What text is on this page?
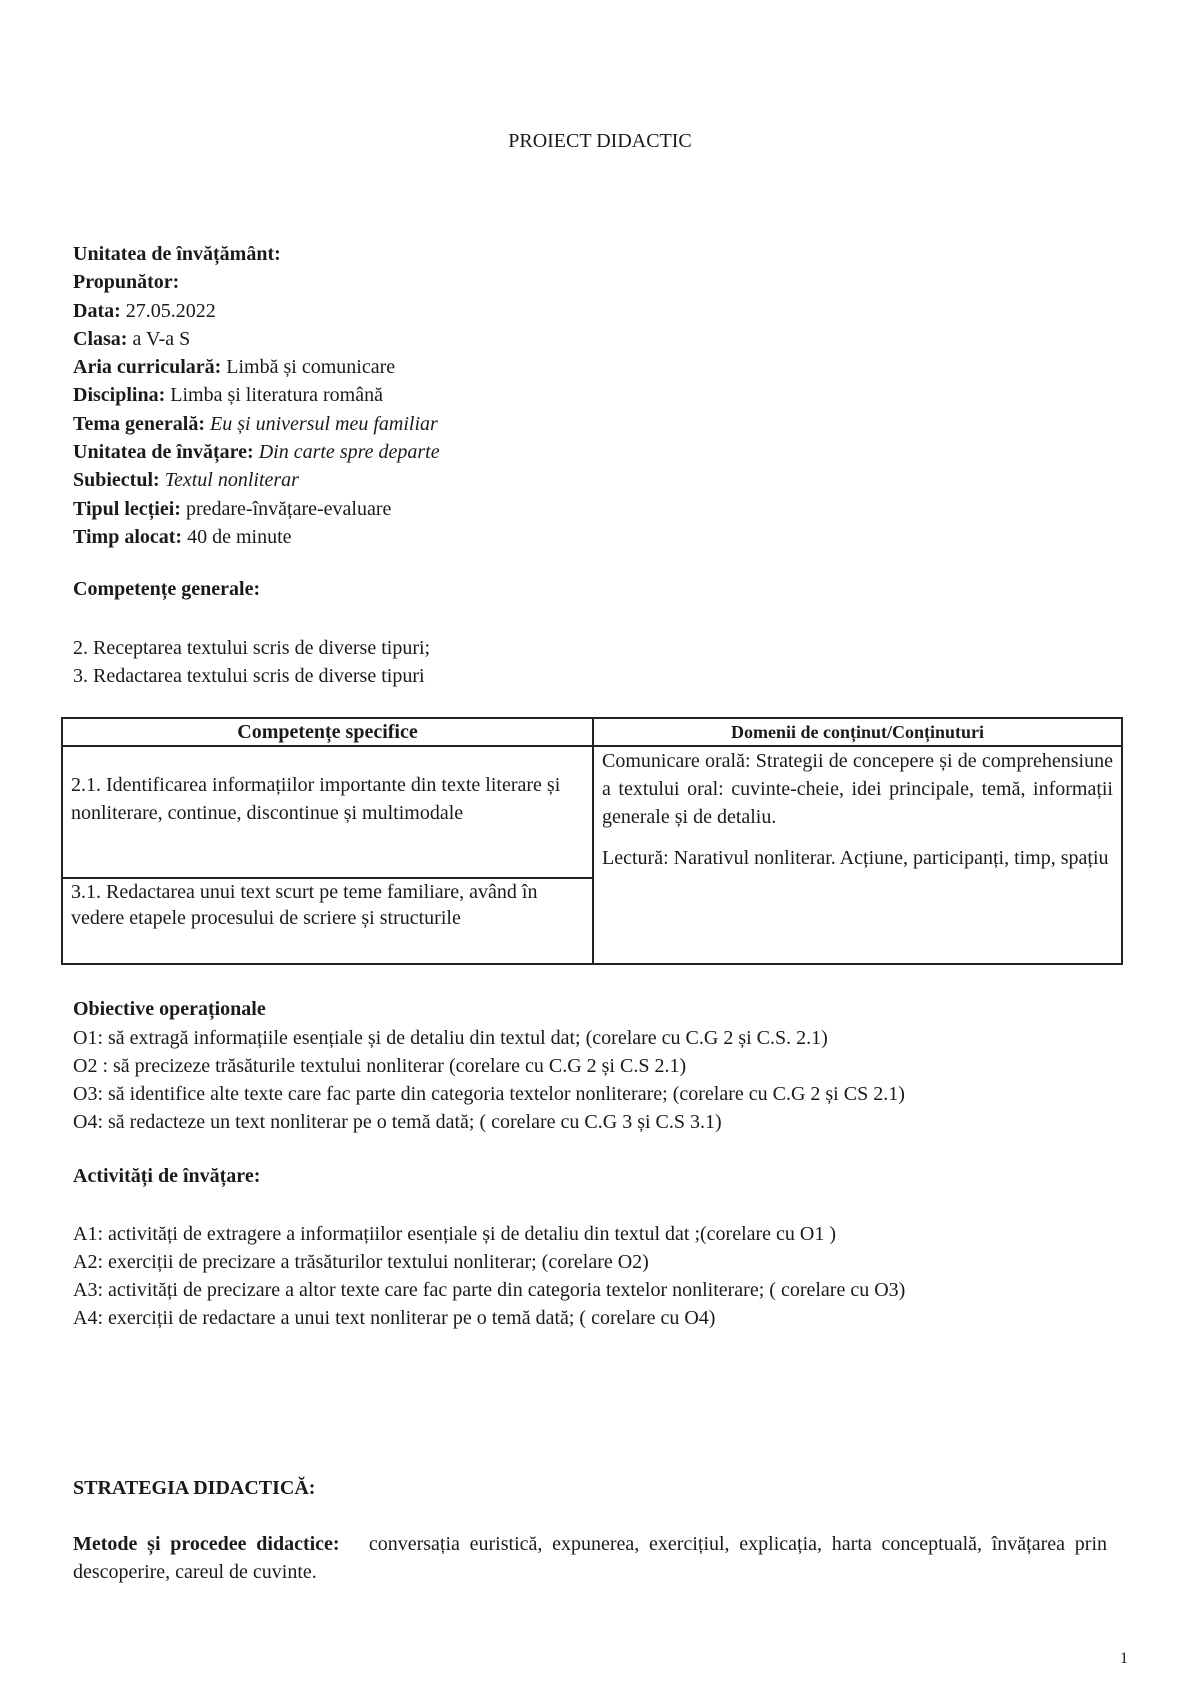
PROIECT DIDACTIC
Unitatea de învățământ:
Propunător:
Data: 27.05.2022
Clasa: a V-a S
Aria curriculară: Limbă și comunicare
Disciplina: Limba și literatura română
Tema generală: Eu și universul meu familiar
Unitatea de învățare: Din carte spre departe
Subiectul: Textul nonliterar
Tipul lecției: predare-învățare-evaluare
Timp alocat: 40 de minute
Competențe generale:
2. Receptarea textului scris de diverse tipuri;
3. Redactarea textului scris de diverse tipuri
Competențe specifice	Domenii de conținut/Conținuturi

2.1. Identificarea informațiilor importante din texte literare și nonliterare, continue, discontinue și multimodale	Comunicare orală: Strategii de concepere și de comprehensiune a textului oral: cuvinte-cheie, idei principale, temă, informații generale și de detaliu.

Lectură: Narativul nonliterar. Acțiune, participanți, timp, spațiu

3.1. Redactarea unui text scurt pe teme familiare, având în vedere etapele procesului de scriere și structurile	
Obiective operaționale
O1: să extragă informațiile esențiale și de detaliu din textul dat; (corelare cu C.G 2 și C.S. 2.1)
O2 : să precizeze trăsăturile textului nonliterar (corelare cu C.G 2 și C.S 2.1)
O3: să identifice alte texte care fac parte din categoria textelor nonliterare; (corelare cu C.G 2 și CS 2.1)
O4: să redacteze un text nonliterar pe o temă dată; ( corelare cu C.G 3 și C.S 3.1)
Activități de învățare:
A1: activități de extragere a informațiilor esențiale și de detaliu din textul dat ;(corelare cu O1 )
A2: exerciții de precizare a trăsăturilor textului nonliterar; (corelare O2)
A3: activități de precizare a altor texte care fac parte din categoria textelor nonliterare; ( corelare cu O3)
A4: exerciții de redactare a unui text nonliterar pe o temă dată; ( corelare cu O4)
STRATEGIA DIDACTICĂ:
Metode și procedee didactice: conversația euristică, expunerea, exercițiul, explicația, harta conceptuală, învățarea prin descoperire, careul de cuvinte.
1
